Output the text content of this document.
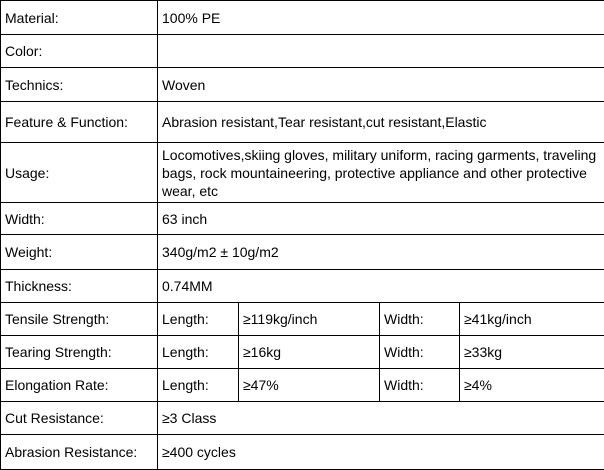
Material:	100% PE			
Color:				
Technics:	Woven			
Feature & Function:	Abrasion resistant,Tear resistant,cut resistant,Elastic			
Usage:	Locomotives,skiing gloves, military uniform, racing garments, traveling bags, rock mountaineering, protective appliance and other protective wear, etc			
Width:	63 inch			
Weight:	340g/m2 ± 10g/m2			
Thickness:	0.74MM			
Tensile Strength:	Length:	≥119kg/inch	Width:	≥41kg/inch
Tearing Strength:	Length:	≥16kg	Width:	≥33kg
Elongation Rate:	Length:	≥47%	Width:	≥4%
Cut Resistance:	≥3 Class			
Abrasion Resistance:	≥400 cycles			
